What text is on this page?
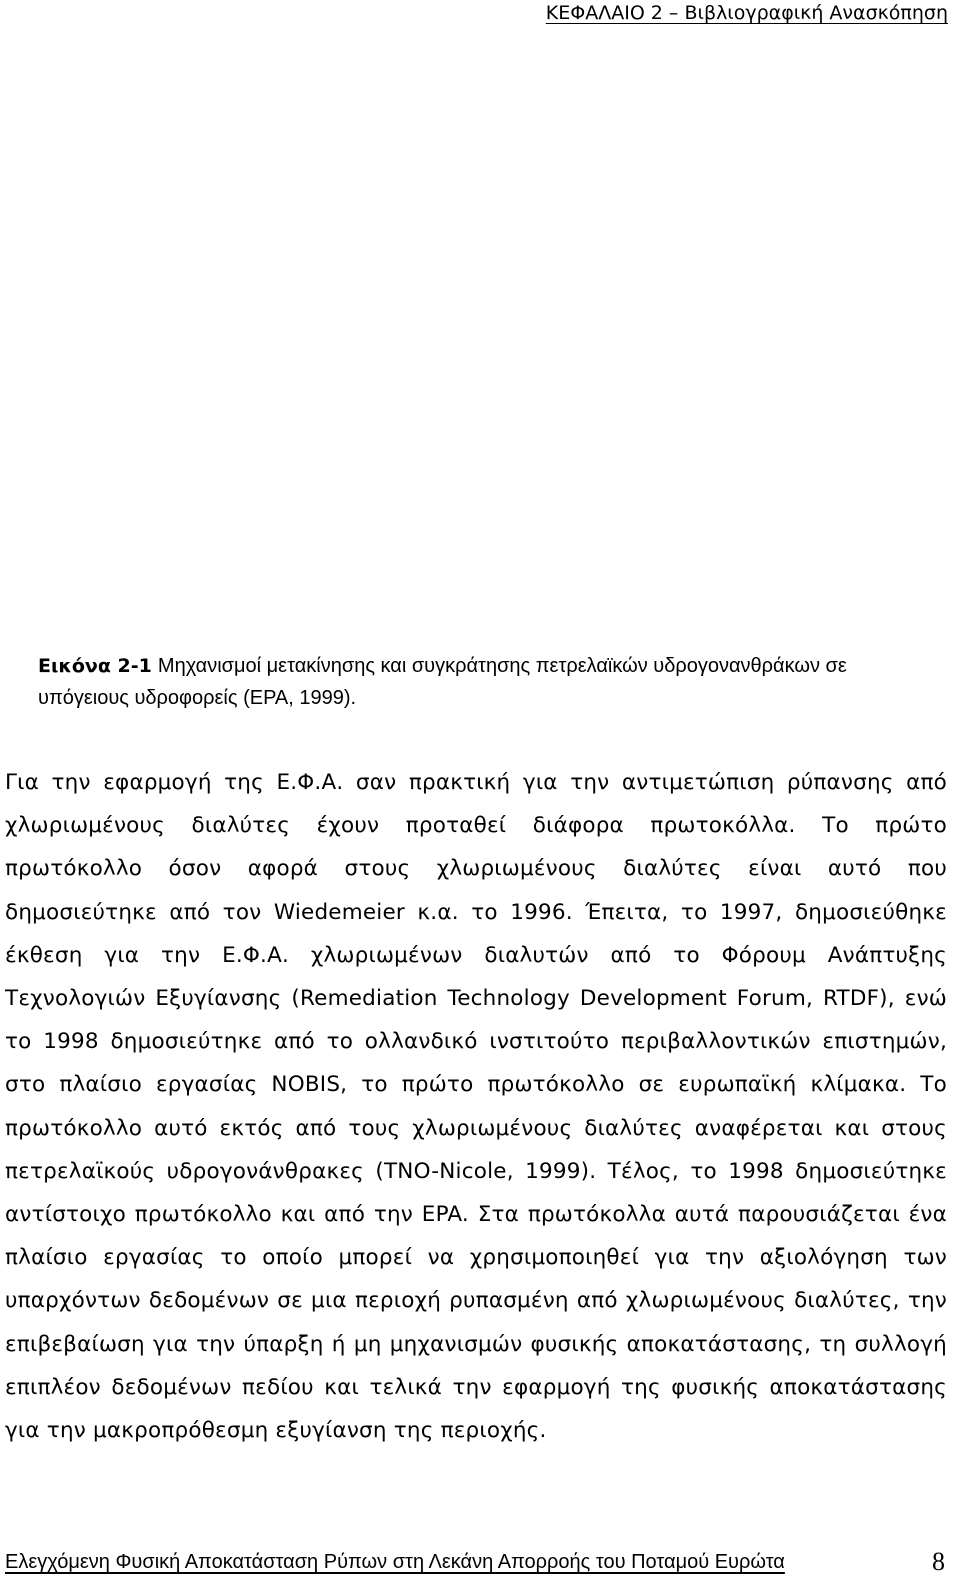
ΚΕΦΑΛΑΙΟ 2 – Βιβλιογραφική Ανασκόπηση
Εικόνα 2-1 Μηχανισμοί μετακίνησης και συγκράτησης πετρελαϊκών υδρογονανθράκων σε υπόγειους υδροφορείς (EPA, 1999).

Για την εφαρμογή της Ε.Φ.Α. σαν πρακτική για την αντιμετώπιση ρύπανσης από χλωριωμένους διαλύτες έχουν προταθεί διάφορα πρωτοκόλλα. Το πρώτο πρωτόκολλο όσον αφορά στους χλωριωμένους διαλύτες είναι αυτό που δημοσιεύτηκε από τον Wiedemeier κ.α. το 1996. Έπειτα, το 1997, δημοσιεύθηκε έκθεση για την Ε.Φ.Α. χλωριωμένων διαλυτών από το Φόρουμ Ανάπτυξης Τεχνολογιών Εξυγίανσης (Remediation Technology Development Forum, RTDF), ενώ το 1998 δημοσιεύτηκε από το ολλανδικό ινστιτούτο περιβαλλοντικών επιστημών, στο πλαίσιο εργασίας NOBIS, το πρώτο πρωτόκολλο σε ευρωπαϊκή κλίμακα. Το πρωτόκολλο αυτό εκτός από τους χλωριωμένους διαλύτες αναφέρεται και στους πετρελαϊκούς υδρογονάνθρακες (TNO-Nicole, 1999). Τέλος, το 1998 δημοσιεύτηκε αντίστοιχο πρωτόκολλο και από την EPA. Στα πρωτόκολλα αυτά παρουσιάζεται ένα πλαίσιο εργασίας το οποίο μπορεί να χρησιμοποιηθεί για την αξιολόγηση των υπαρχόντων δεδομένων σε μια περιοχή ρυπασμένη από χλωριωμένους διαλύτες, την επιβεβαίωση για την ύπαρξη ή μη μηχανισμών φυσικής αποκατάστασης, τη συλλογή επιπλέον δεδομένων πεδίου και τελικά την εφαρμογή της φυσικής αποκατάστασης για την μακροπρόθεσμη εξυγίανση της περιοχής.

Ελεγχόμενη Φυσική Αποκατάσταση Ρύπων στη Λεκάνη Απορροής του Ποταμού Ευρώτα	8
